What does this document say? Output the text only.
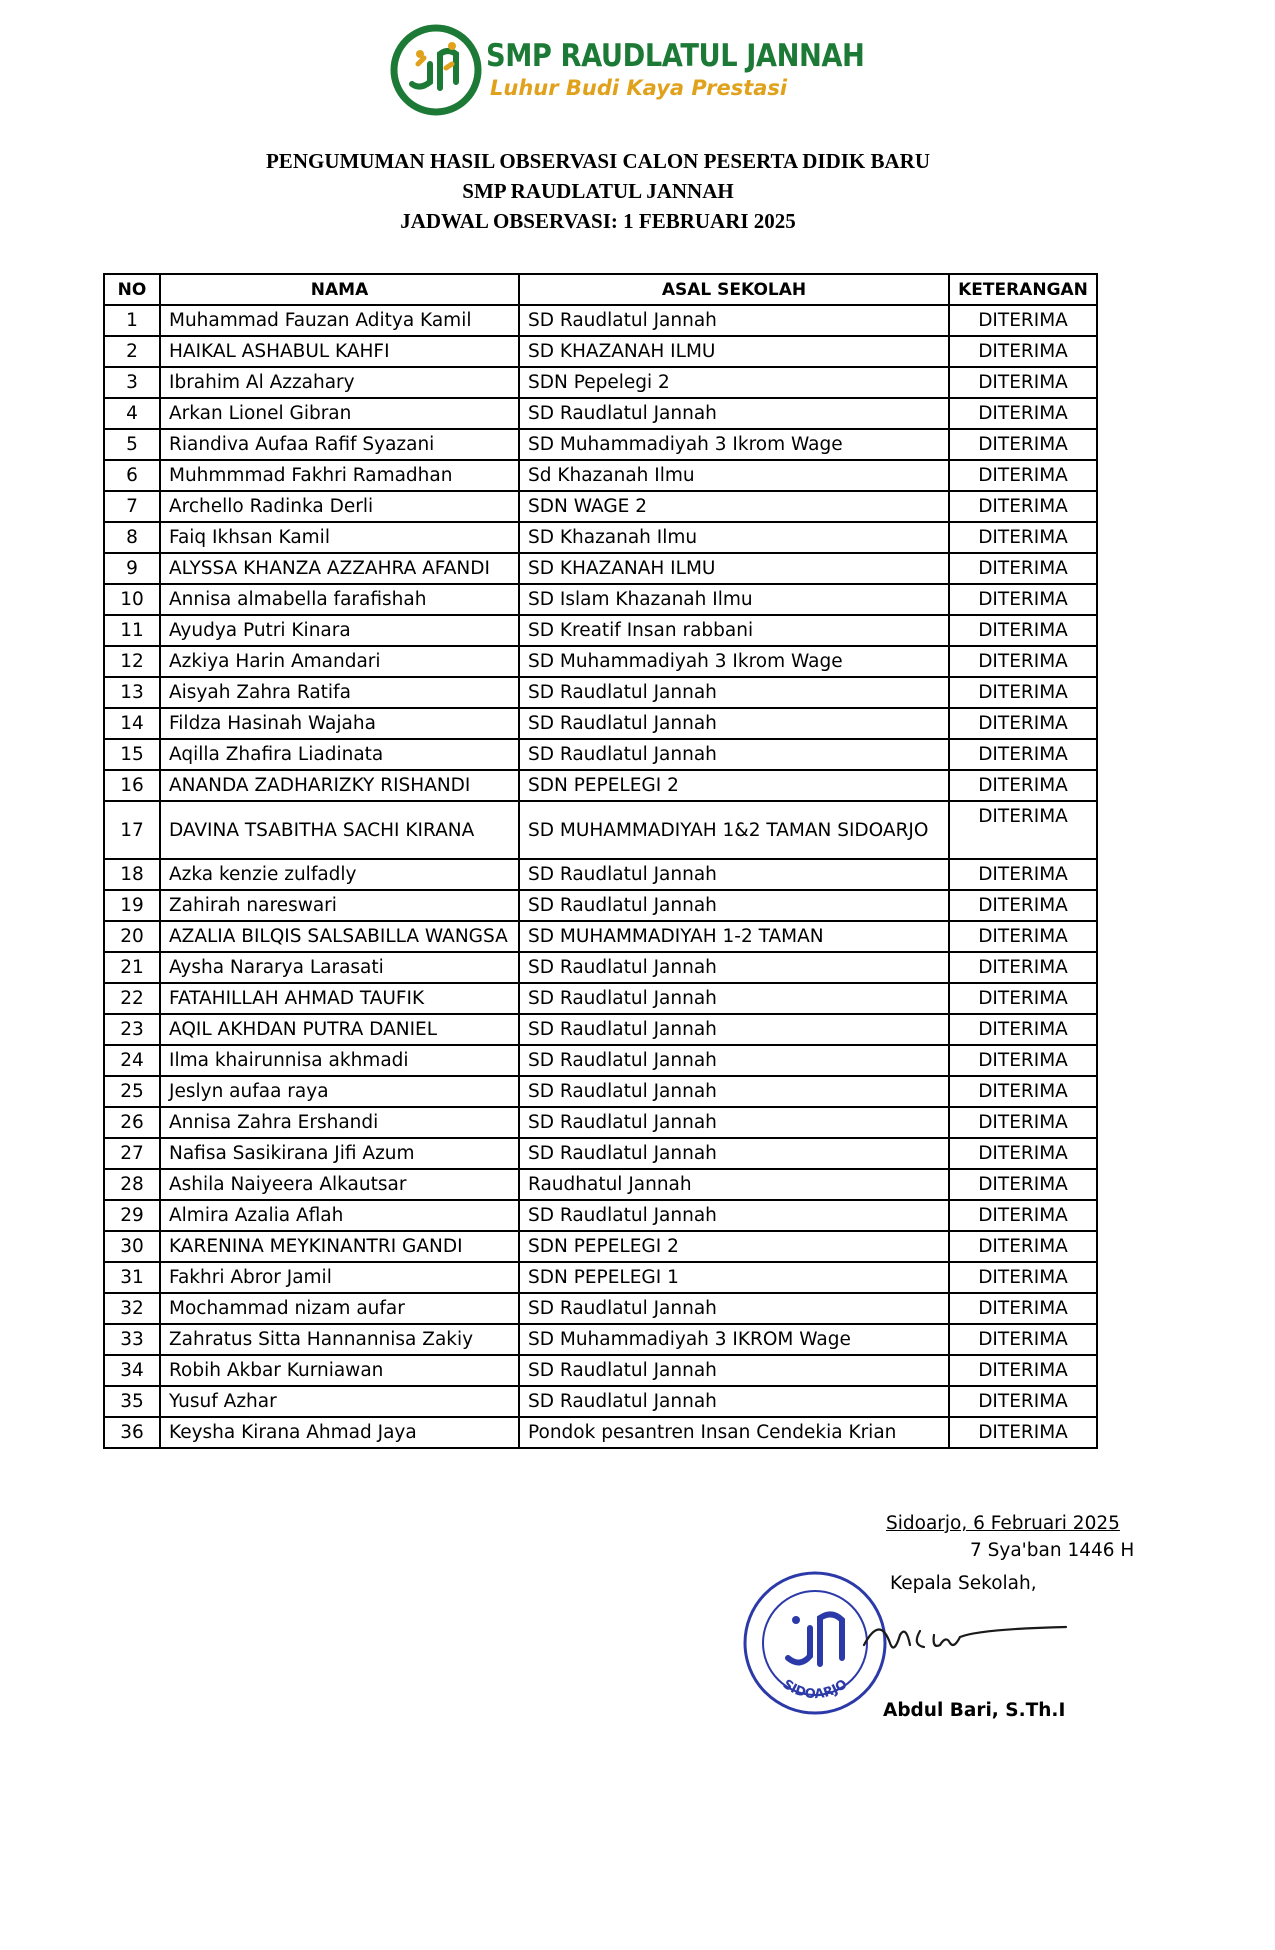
SMP RAUDLATUL JANNAH
Luhur Budi Kaya Prestasi
PENGUMUMAN HASIL OBSERVASI CALON PESERTA DIDIK BARU
SMP RAUDLATUL JANNAH
JADWAL OBSERVASI: 1 FEBRUARI 2025
NO	NAMA	ASAL SEKOLAH	KETERANGAN
1	Muhammad Fauzan Aditya Kamil	SD Raudlatul Jannah	DITERIMA
2	HAIKAL ASHABUL KAHFI	SD KHAZANAH ILMU	DITERIMA
3	Ibrahim Al Azzahary	SDN Pepelegi 2	DITERIMA
4	Arkan Lionel Gibran	SD Raudlatul Jannah	DITERIMA
5	Riandiva Aufaa Rafif Syazani	SD Muhammadiyah 3 Ikrom Wage	DITERIMA
6	Muhmmmad Fakhri Ramadhan	Sd Khazanah Ilmu	DITERIMA
7	Archello Radinka Derli	SDN WAGE 2	DITERIMA
8	Faiq Ikhsan Kamil	SD Khazanah Ilmu	DITERIMA
9	ALYSSA KHANZA AZZAHRA AFANDI	SD KHAZANAH ILMU	DITERIMA
10	Annisa almabella farafishah	SD Islam Khazanah Ilmu	DITERIMA
11	Ayudya Putri Kinara	SD Kreatif Insan rabbani	DITERIMA
12	Azkiya Harin Amandari	SD Muhammadiyah 3 Ikrom Wage	DITERIMA
13	Aisyah Zahra Ratifa	SD Raudlatul Jannah	DITERIMA
14	Fildza Hasinah Wajaha	SD Raudlatul Jannah	DITERIMA
15	Aqilla Zhafira Liadinata	SD Raudlatul Jannah	DITERIMA
16	ANANDA ZADHARIZKY RISHANDI	SDN PEPELEGI 2	DITERIMA
17	DAVINA TSABITHA SACHI KIRANA	SD MUHAMMADIYAH 1&2 TAMAN SIDOARJO	DITERIMA
18	Azka kenzie zulfadly	SD Raudlatul Jannah	DITERIMA
19	Zahirah nareswari	SD Raudlatul Jannah	DITERIMA
20	AZALIA BILQIS SALSABILLA WANGSA	SD MUHAMMADIYAH 1-2 TAMAN	DITERIMA
21	Aysha Nararya Larasati	SD Raudlatul Jannah	DITERIMA
22	FATAHILLAH AHMAD TAUFIK	SD Raudlatul Jannah	DITERIMA
23	AQIL AKHDAN PUTRA DANIEL	SD Raudlatul Jannah	DITERIMA
24	Ilma khairunnisa akhmadi	SD Raudlatul Jannah	DITERIMA
25	Jeslyn aufaa raya	SD Raudlatul Jannah	DITERIMA
26	Annisa Zahra Ershandi	SD Raudlatul Jannah	DITERIMA
27	Nafisa Sasikirana Jifi Azum	SD Raudlatul Jannah	DITERIMA
28	Ashila Naiyeera Alkautsar	Raudhatul Jannah	DITERIMA
29	Almira Azalia Aflah	SD Raudlatul Jannah	DITERIMA
30	KARENINA MEYKINANTRI GANDI	SDN PEPELEGI 2	DITERIMA
31	Fakhri Abror Jamil	SDN PEPELEGI 1	DITERIMA
32	Mochammad nizam aufar	SD Raudlatul Jannah	DITERIMA
33	Zahratus Sitta Hannannisa Zakiy	SD Muhammadiyah 3 IKROM Wage	DITERIMA
34	Robih Akbar Kurniawan	SD Raudlatul Jannah	DITERIMA
35	Yusuf Azhar	SD Raudlatul Jannah	DITERIMA
36	Keysha Kirana Ahmad Jaya	Pondok pesantren Insan Cendekia Krian	DITERIMA
Sidoarjo, 6 Februari 2025
7 Sya'ban 1446 H
Kepala Sekolah,
SIDOARJO
Abdul Bari, S.Th.I
